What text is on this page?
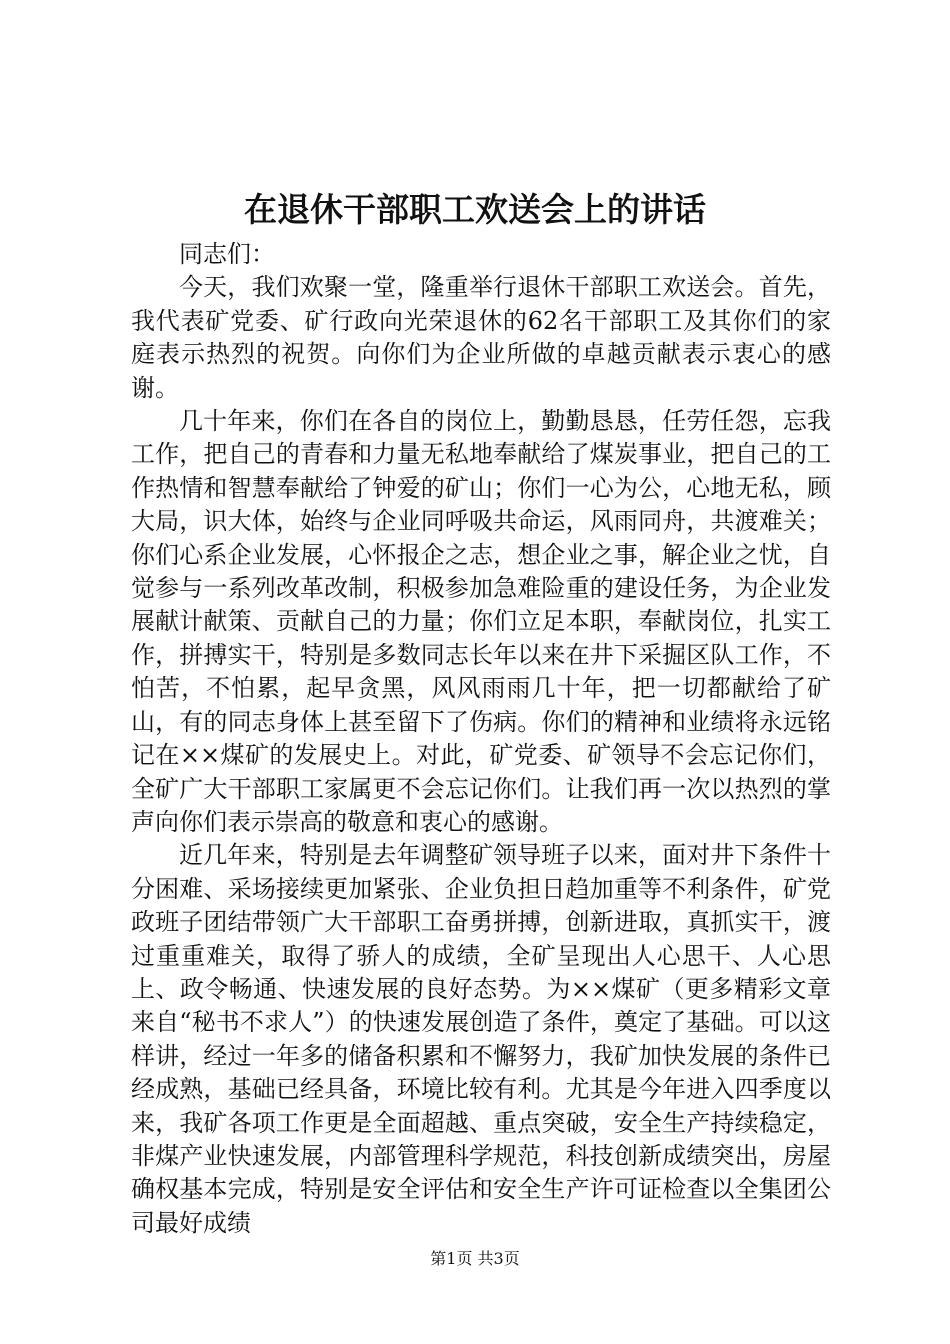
在退休干部职工欢送会上的讲话

同志们：

今天，我们欢聚一堂，隆重举行退休干部职工欢送会。首先，我代表矿党委、矿行政向光荣退休的62名干部职工及其你们的家庭表示热烈的祝贺。向你们为企业所做的卓越贡献表示衷心的感谢。

几十年来，你们在各自的岗位上，勤勤恳恳，任劳任怨，忘我工作，把自己的青春和力量无私地奉献给了煤炭事业，把自己的工作热情和智慧奉献给了钟爱的矿山；你们一心为公，心地无私，顾大局，识大体，始终与企业同呼吸共命运，风雨同舟，共渡难关；你们心系企业发展，心怀报企之志，想企业之事，解企业之忧，自觉参与一系列改革改制，积极参加急难险重的建设任务，为企业发展献计献策、贡献自己的力量；你们立足本职，奉献岗位，扎实工作，拼搏实干，特别是多数同志长年以来在井下采掘区队工作，不怕苦，不怕累，起早贪黑，风风雨雨几十年，把一切都献给了矿山，有的同志身体上甚至留下了伤病。你们的精神和业绩将永远铭记在××煤矿的发展史上。对此，矿党委、矿领导不会忘记你们，全矿广大干部职工家属更不会忘记你们。让我们再一次以热烈的掌声向你们表示崇高的敬意和衷心的感谢。

近几年来，特别是去年调整矿领导班子以来，面对井下条件十分困难、采场接续更加紧张、企业负担日趋加重等不利条件，矿党政班子团结带领广大干部职工奋勇拼搏，创新进取，真抓实干，渡过重重难关，取得了骄人的成绩，全矿呈现出人心思干、人心思上、政令畅通、快速发展的良好态势。为××煤矿（更多精彩文章来自“秘书不求人”）的快速发展创造了条件，奠定了基础。可以这样讲，经过一年多的储备积累和不懈努力，我矿加快发展的条件已经成熟，基础已经具备，环境比较有利。尤其是今年进入四季度以来，我矿各项工作更是全面超越、重点突破，安全生产持续稳定，非煤产业快速发展，内部管理科学规范，科技创新成绩突出，房屋确权基本完成，特别是安全评估和安全生产许可证检查以全集团公司最好成绩

第1页 共3页
